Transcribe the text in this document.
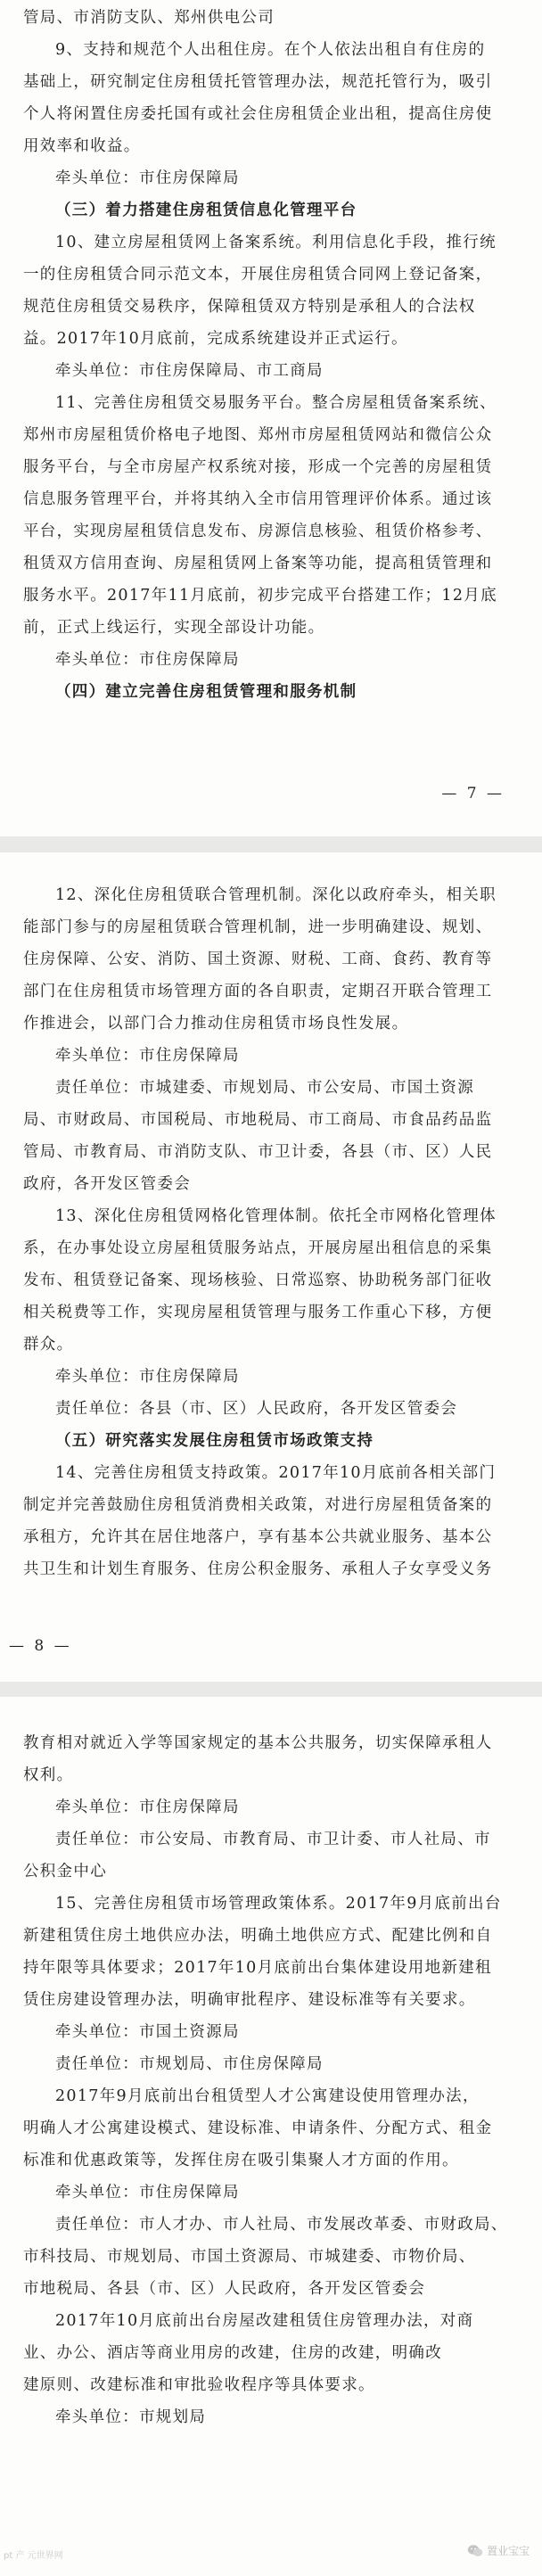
管局、市消防支队、郑州供电公司
9、支持和规范个人出租住房。在个人依法出租自有住房的
基础上，研究制定住房租赁托管管理办法，规范托管行为，吸引
个人将闲置住房委托国有或社会住房租赁企业出租，提高住房使
用效率和收益。
牵头单位：市住房保障局
（三）着力搭建住房租赁信息化管理平台
10、建立房屋租赁网上备案系统。利用信息化手段，推行统
一的住房租赁合同示范文本，开展住房租赁合同网上登记备案，
规范住房租赁交易秩序，保障租赁双方特别是承租人的合法权
益。2017年10月底前，完成系统建设并正式运行。
牵头单位：市住房保障局、市工商局
11、完善住房租赁交易服务平台。整合房屋租赁备案系统、
郑州市房屋租赁价格电子地图、郑州市房屋租赁网站和微信公众
服务平台，与全市房屋产权系统对接，形成一个完善的房屋租赁
信息服务管理平台，并将其纳入全市信用管理评价体系。通过该
平台，实现房屋租赁信息发布、房源信息核验、租赁价格参考、
租赁双方信用查询、房屋租赁网上备案等功能，提高租赁管理和
服务水平。2017年11月底前，初步完成平台搭建工作；12月底
前，正式上线运行，实现全部设计功能。
牵头单位：市住房保障局
（四）建立完善住房租赁管理和服务机制
— 7 —
12、深化住房租赁联合管理机制。深化以政府牵头，相关职
能部门参与的房屋租赁联合管理机制，进一步明确建设、规划、
住房保障、公安、消防、国土资源、财税、工商、食药、教育等
部门在住房租赁市场管理方面的各自职责，定期召开联合管理工
作推进会，以部门合力推动住房租赁市场良性发展。
牵头单位：市住房保障局
责任单位：市城建委、市规划局、市公安局、市国土资源
局、市财政局、市国税局、市地税局、市工商局、市食品药品监
管局、市教育局、市消防支队、市卫计委，各县（市、区）人民
政府，各开发区管委会
13、深化住房租赁网格化管理体制。依托全市网格化管理体
系，在办事处设立房屋租赁服务站点，开展房屋出租信息的采集
发布、租赁登记备案、现场核验、日常巡察、协助税务部门征收
相关税费等工作，实现房屋租赁管理与服务工作重心下移，方便
群众。
牵头单位：市住房保障局
责任单位：各县（市、区）人民政府，各开发区管委会
（五）研究落实发展住房租赁市场政策支持
14、完善住房租赁支持政策。2017年10月底前各相关部门
制定并完善鼓励住房租赁消费相关政策，对进行房屋租赁备案的
承租方，允许其在居住地落户，享有基本公共就业服务、基本公
共卫生和计划生育服务、住房公积金服务、承租人子女享受义务
— 8 —
教育相对就近入学等国家规定的基本公共服务，切实保障承租人
权利。
牵头单位：市住房保障局
责任单位：市公安局、市教育局、市卫计委、市人社局、市
公积金中心
15、完善住房租赁市场管理政策体系。2017年9月底前出台
新建租赁住房土地供应办法，明确土地供应方式、配建比例和自
持年限等具体要求；2017年10月底前出台集体建设用地新建租
赁住房建设管理办法，明确审批程序、建设标准等有关要求。
牵头单位：市国土资源局
责任单位：市规划局、市住房保障局
2017年9月底前出台租赁型人才公寓建设使用管理办法，
明确人才公寓建设模式、建设标准、申请条件、分配方式、租金
标准和优惠政策等，发挥住房在吸引集聚人才方面的作用。
牵头单位：市住房保障局
责任单位：市人才办、市人社局、市发展改革委、市财政局、
市科技局、市规划局、市国土资源局、市城建委、市物价局、
市地税局、各县（市、区）人民政府，各开发区管委会
2017年10月底前出台房屋改建租赁住房管理办法，对商
业、办公、酒店等商业用房的改建，住房的改建，明确改
建原则、改建标准和审批验收程序等具体要求。
牵头单位：市规划局
pt 产 元世界网	置业宝宝
